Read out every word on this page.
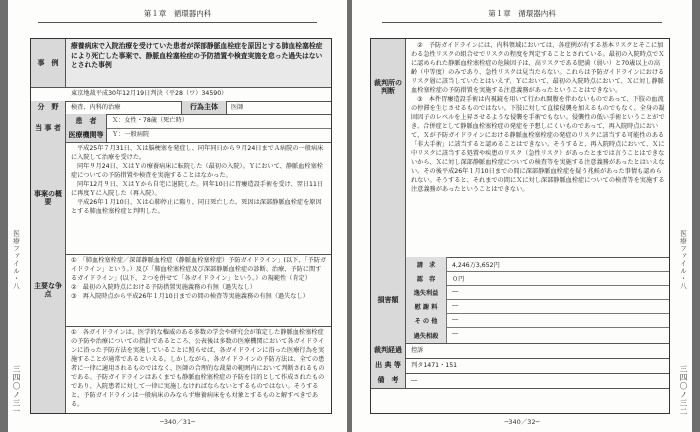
第１章　循環器内科
医療ファイル・八
三四〇ノ三一
事　例
療養病床で入院治療を受けていた患者が深部静脈血栓症を原因とする肺血栓塞栓症により死亡した事案で、静脈血栓塞栓症の予防措置や検査実施を怠った過失はないとされた事例
東京地裁平成30年12月19日判決（平28（ワ）34590）
分　野	検査、内科的治療	行為主体	医師
当 事 者
患　者	Ｘ：女性・78歳（死亡時）
医療機関等	Ｙ：一般病院
事案の概要

平成25年７月31日、Ｘは脳梗塞を発症し、同年同日から９月24日までＡ病院の一般病床に入院して治療を受けた。

同年９月24日、ＸはＹの療養病床に転院した（最初の入院）。Ｙにおいて、静脈血栓塞栓症についての予防措置や検査を実施することはなかった。

同年12月９日、ＸはＹから自宅に退院した。同年10日に胃瘻造設手術を受け、翌日11日に再度Ｙに入院した（再入院）。

平成26年１月10日、Ｘは心肺停止に陥り、同日死亡した。死因は深部静脈血栓症を原因とする肺血栓塞栓症と判明した。

主要な争点

①　「肺血栓塞栓症／深部静脈血栓症（静脈血栓塞栓症）予防ガイドライン」(以下、「予防ガイドライン」という。）及び「肺血栓塞栓症及び深部静脈血栓症の診断、治療、予防に関するガイドライン」(以下、２つを併せて「各ガイドライン」という。）の規範性（肯定）

②　最初の入院時点における予防措置実施義務の有無（過失なし）

③　再入院時点から平成26年１月10日までの間の検査等実施義務の有無（過失なし）

①　各ガイドラインは、医学的な権威のある多数の学会や研究会が策定した静脈血栓塞栓症の予防や治療についての指針であるところ、公表後は多数の医療機関において各ガイドラインに沿った予防方法を実施していることに照らせば、各ガイドラインに沿った医療行為を実施することが通常であるといえる。しかしながら、各ガイドラインの予防方法は、全ての患者に一律に適用されるものではなく、医師の合理的な裁量の範囲内において判断されるものである。予防ガイドラインはあくまでも静脈血栓塞栓症の予防を目的として作成されたものであり、入院患者に対して一律に実施しなければならないとするものではない。そうすると、予防ガイドラインは一般病床のみならず療養病床をも対象とするものと解すべきである。
─340／31─
第１章　循環器内科
医療ファイル・八
三四〇ノ三二
裁判所の判断

②　予防ガイドラインには、内科領域においては、各症例が有する基本リスクとそこに加わる急性リスクの組合せでリスクの程度を判定することとされている。最初の入院時点でＸに認められた静脈血栓塞栓症の危険因子は、高リスクである肥満（弱い）と70歳以上の高齢（中等度）のみであり、急性リスクは見当たらない。これらは予防ガイドラインにおけるリスク層に該当していたとはいえず、Ｙにおいて、最初の入院時点において、Ｘに対し静脈血栓塞栓症の予防措置を実施する注意義務があったということはできない。

③　本件胃瘻造設手術は内視鏡を用いて行われ開腹を伴わないものであって、下肢の血流の停滞を生じさせるものではない。下肢に対して直接侵襲を加えるものでもなく、全身の凝固因子のレベルを上昇させるような侵襲を手術でもない。侵襲性の低い手術ということができ、合併症として静脈血栓塞栓症の発症を予想しにくいものであって、再入院時点において、Ｘが予防ガイドラインにおける静脈血栓塞栓症の発症のリスクに該当する可能性のある「非大手術」に該当すると認めることはできない。そうすると、再入院時点において、Ｘに中リスクに該当する処置や疾患のリスク（急性リスク）があったとまでは言うことはできないから、Ｘに対し深部静脈血栓症についての検査等を実施する注意義務があったとはいえない。その後平成26年１月10日までの間に深部静脈血栓症を疑う兆候があった事情も認められない。そうすると、それまでの間にＸに対し深部静脈血栓症についての検査等を実施する注意義務があったということはできない。

損害額
請　求	4,246万3,652円
認　容	０円
逸失利益	―
慰 謝 料	―
そ の 他	―
過失相殺	―
裁判経過	控訴
出 典 等	判タ1471・151
備　考	―
─340／32─
